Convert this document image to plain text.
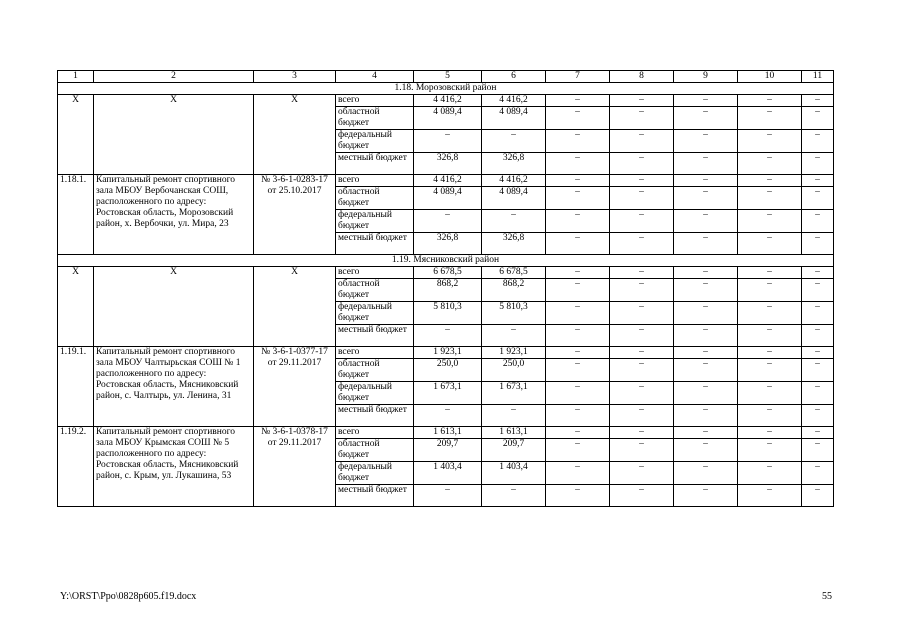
1	2	3	4	5	6	7	8	9	10	11
1.18. Морозовский район										
Х	Х	Х	всего	4 416,2	4 416,2	–	–	–	–	–
			областной бюджет	4 089,4	4 089,4	–	–	–	–	–
			федеральный бюджет	–	–	–	–	–	–	–
			местный бюджет	326,8	326,8	–	–	–	–	–
1.18.1.	Капитальный ремонт спортивного зала МБОУ Вербочанская СОШ, расположенного по адресу: Ростовская область, Морозовский район, х. Вербочки, ул. Мира, 23	№ 3-6-1-0283-17 от 25.10.2017	всего	4 416,2	4 416,2	–	–	–	–	–
			областной бюджет	4 089,4	4 089,4	–	–	–	–	–
			федеральный бюджет	–	–	–	–	–	–	–
			местный бюджет	326,8	326,8	–	–	–	–	–
1.19. Мясниковский район										
Х	Х	Х	всего	6 678,5	6 678,5	–	–	–	–	–
			областной бюджет	868,2	868,2	–	–	–	–	–
			федеральный бюджет	5 810,3	5 810,3	–	–	–	–	–
			местный бюджет	–	–	–	–	–	–	–
1.19.1.	Капитальный ремонт спортивного зала МБОУ Чалтырьская СОШ № 1 расположенного по адресу: Ростовская область, Мясниковский район, с. Чалтырь, ул. Ленина, 31	№ 3-6-1-0377-17 от 29.11.2017	всего	1 923,1	1 923,1	–	–	–	–	–
			областной бюджет	250,0	250,0	–	–	–	–	–
			федеральный бюджет	1 673,1	1 673,1	–	–	–	–	–
			местный бюджет	–	–	–	–	–	–	–
1.19.2.	Капитальный ремонт спортивного зала МБОУ Крымская СОШ № 5 расположенного по адресу: Ростовская область, Мясниковский район, с. Крым, ул. Лукашина, 53	№ 3-6-1-0378-17 от 29.11.2017	всего	1 613,1	1 613,1	–	–	–	–	–
			областной бюджет	209,7	209,7	–	–	–	–	–
			федеральный бюджет	1 403,4	1 403,4	–	–	–	–	–
			местный бюджет	–	–	–	–	–	–	–
Y:\ORST\Ppo\0828p605.f19.docx	55
